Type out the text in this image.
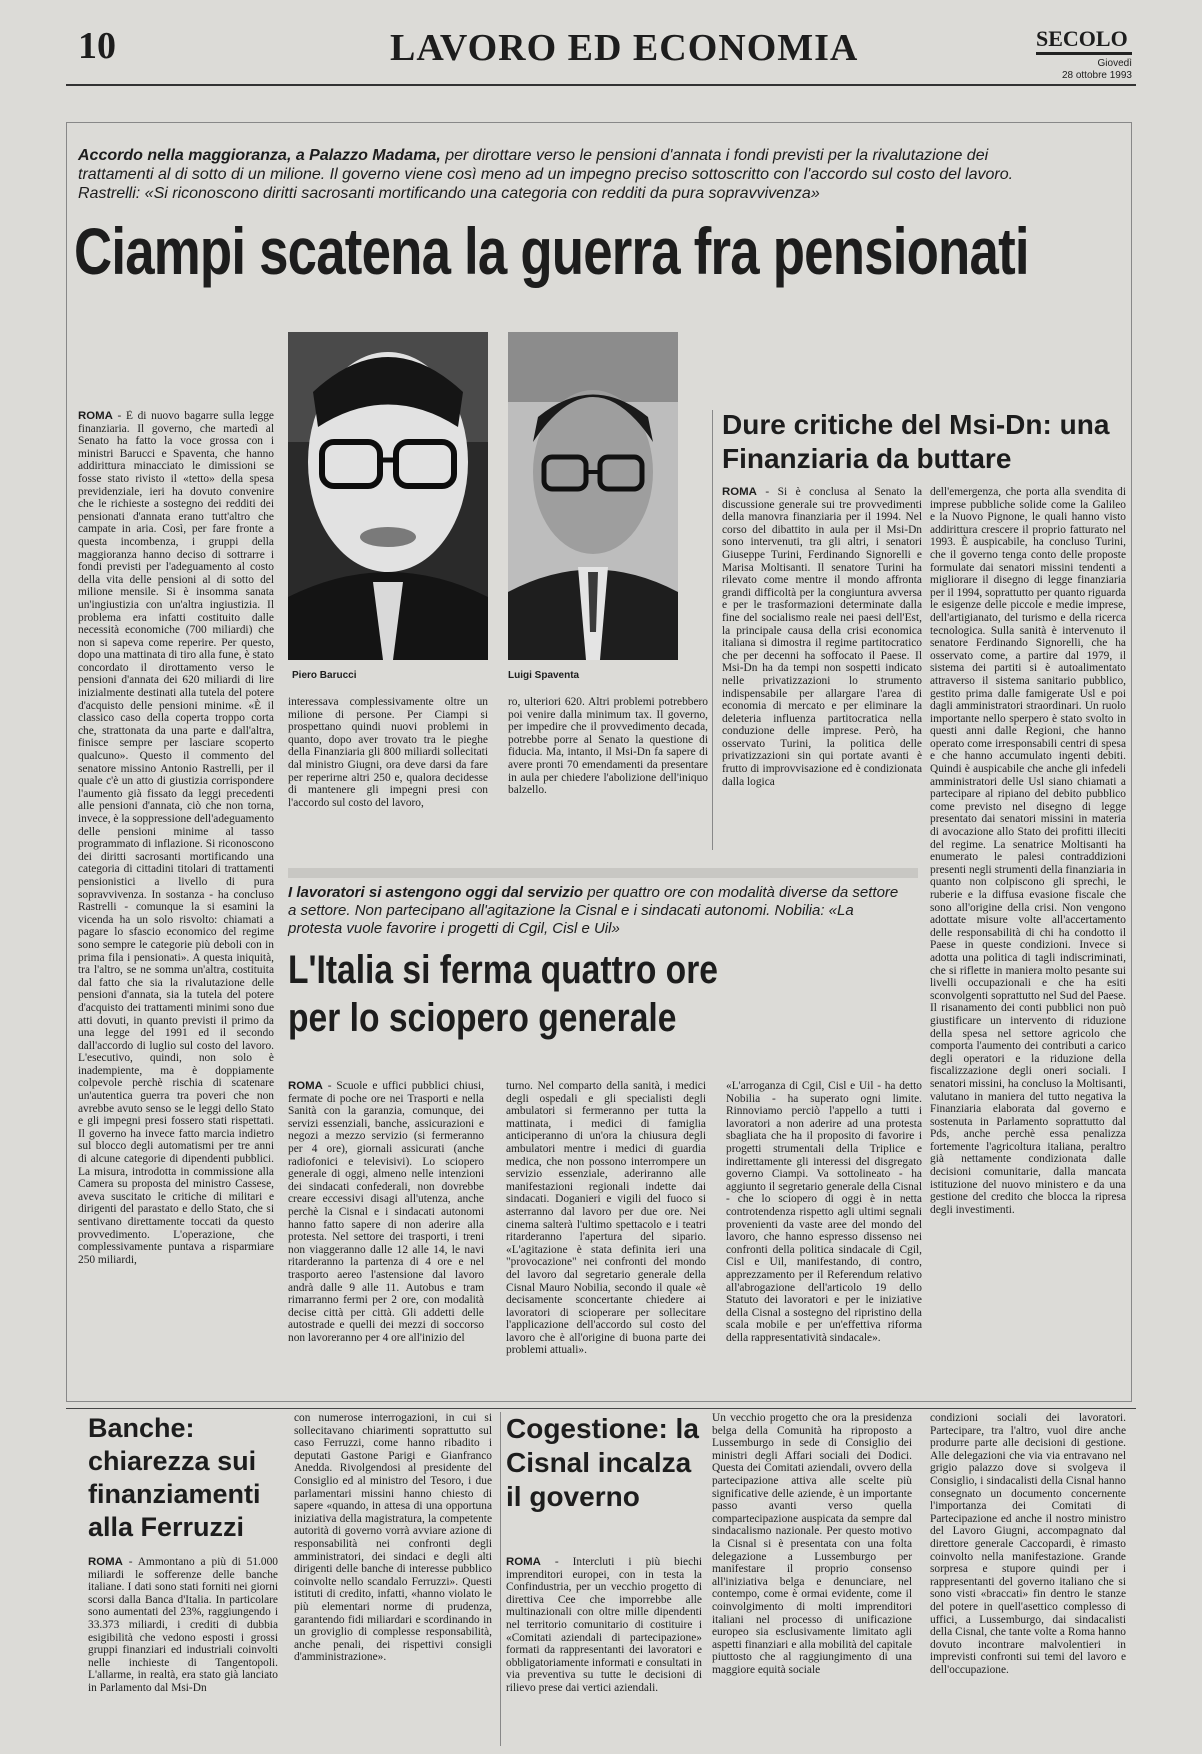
10	LAVORO ED ECONOMIA	SECOLO
Giovedì
28 ottobre 1993
Accordo nella maggioranza, a Palazzo Madama, per dirottare verso le pensioni d'annata i fondi previsti per la rivalutazione dei trattamenti al di sotto di un milione. Il governo viene così meno ad un impegno preciso sottoscritto con l'accordo sul costo del lavoro. Rastrelli: «Si riconoscono diritti sacrosanti mortificando una categoria con redditi da pura sopravvivenza»
Ciampi scatena la guerra fra pensionati
ROMA - È di nuovo bagarre sulla legge finanziaria. Il governo, che martedì al Senato ha fatto la voce grossa con i ministri Barucci e Spaventa, che hanno addirittura minacciato le dimissioni se fosse stato rivisto il «tetto» della spesa previdenziale, ieri ha dovuto convenire che le richieste a sostegno dei redditi dei pensionati d'annata erano tutt'altro che campate in aria. Così, per fare fronte a questa incombenza, i gruppi della maggioranza hanno deciso di sottrarre i fondi previsti per l'adeguamento al costo della vita delle pensioni al di sotto del milione mensile. Si è insomma sanata un'ingiustizia con un'altra ingiustizia. Il problema era infatti costituito dalle necessità economiche (700 miliardi) che non si sapeva come reperire. Per questo, dopo una mattinata di tiro alla fune, è stato concordato il dirottamento verso le pensioni d'annata dei 620 miliardi di lire inizialmente destinati alla tutela del potere d'acquisto delle pensioni minime. «È il classico caso della coperta troppo corta che, strattonata da una parte e dall'altra, finisce sempre per lasciare scoperto qualcuno». Questo il commento del senatore missino Antonio Rastrelli, per il quale c'è un atto di giustizia corrispondere l'aumento già fissato da leggi precedenti alle pensioni d'annata, ciò che non torna, invece, è la soppressione dell'adeguamento delle pensioni minime al tasso programmato di inflazione. Si riconoscono dei diritti sacrosanti mortificando una categoria di cittadini titolari di trattamenti pensionistici a livello di pura sopravvivenza. In sostanza - ha concluso Rastrelli - comunque la si esamini la vicenda ha un solo risvolto: chiamati a pagare lo sfascio economico del regime sono sempre le categorie più deboli con in prima fila i pensionati». A questa iniquità, tra l'altro, se ne somma un'altra, costituita dal fatto che sia la rivalutazione delle pensioni d'annata, sia la tutela del potere d'acquisto dei trattamenti minimi sono due atti dovuti, in quanto previsti il primo da una legge del 1991 ed il secondo dall'accordo di luglio sul costo del lavoro. L'esecutivo, quindi, non solo è inadempiente, ma è doppiamente colpevole perchè rischia di scatenare un'autentica guerra tra poveri che non avrebbe avuto senso se le leggi dello Stato e gli impegni presi fossero stati rispettati. Il governo ha invece fatto marcia indietro sul blocco degli automatismi per tre anni di alcune categorie di dipendenti pubblici. La misura, introdotta in commissione alla Camera su proposta del ministro Cassese, aveva suscitato le critiche di militari e dirigenti del parastato e dello Stato, che si sentivano direttamente toccati da questo provvedimento. L'operazione, che complessivamente puntava a risparmiare 250 miliardi,
Piero Barucci	Luigi Spaventa
interessava complessivamente oltre un milione di persone. Per Ciampi si prospettano quindi nuovi problemi in quanto, dopo aver trovato tra le pieghe della Finanziaria gli 800 miliardi sollecitati dal ministro Giugni, ora deve darsi da fare per reperirne altri 250 e, qualora decidesse di mantenere gli impegni presi con l'accordo sul costo del lavoro,
ro, ulteriori 620. Altri problemi potrebbero poi venire dalla minimum tax. Il governo, per impedire che il provvedimento decada, potrebbe porre al Senato la questione di fiducia. Ma, intanto, il Msi-Dn fa sapere di avere pronti 70 emendamenti da presentare in aula per chiedere l'abolizione dell'iniquo balzello.
Dure critiche del Msi-Dn: una Finanziaria da buttare
ROMA - Si è conclusa al Senato la discussione generale sui tre provvedimenti della manovra finanziaria per il 1994. Nel corso del dibattito in aula per il Msi-Dn sono intervenuti, tra gli altri, i senatori Giuseppe Turini, Ferdinando Signorelli e Marisa Moltisanti. Il senatore Turini ha rilevato come mentre il mondo affronta grandi difficoltà per la congiuntura avversa e per le trasformazioni determinate dalla fine del socialismo reale nei paesi dell'Est, la principale causa della crisi economica italiana si dimostra il regime partitocratico che per decenni ha soffocato il Paese. Il Msi-Dn ha da tempi non sospetti indicato nelle privatizzazioni lo strumento indispensabile per allargare l'area di economia di mercato e per eliminare la deleteria influenza partitocratica nella conduzione delle imprese. Però, ha osservato Turini, la politica delle privatizzazioni sin qui portate avanti è frutto di improvvisazione ed è condizionata dalla logica
dell'emergenza, che porta alla svendita di imprese pubbliche solide come la Galileo e la Nuovo Pignone, le quali hanno visto addirittura crescere il proprio fatturato nel 1993. È auspicabile, ha concluso Turini, che il governo tenga conto delle proposte formulate dai senatori missini tendenti a migliorare il disegno di legge finanziaria per il 1994, soprattutto per quanto riguarda le esigenze delle piccole e medie imprese, dell'artigianato, del turismo e della ricerca tecnologica. Sulla sanità è intervenuto il senatore Ferdinando Signorelli, che ha osservato come, a partire dal 1979, il sistema dei partiti si è autoalimentato attraverso il sistema sanitario pubblico, gestito prima dalle famigerate Usl e poi dagli amministratori straordinari. Un ruolo importante nello sperpero è stato svolto in questi anni dalle Regioni, che hanno operato come irresponsabili centri di spesa e che hanno accumulato ingenti debiti. Quindi è auspicabile che anche gli infedeli amministratori delle Usl siano chiamati a partecipare al ripiano del debito pubblico come previsto nel disegno di legge presentato dai senatori missini in materia di avocazione allo Stato dei profitti illeciti del regime. La senatrice Moltisanti ha enumerato le palesi contraddizioni presenti negli strumenti della finanziaria in quanto non colpiscono gli sprechi, le ruberie e la diffusa evasione fiscale che sono all'origine della crisi. Non vengono adottate misure volte all'accertamento delle responsabilità di chi ha condotto il Paese in queste condizioni. Invece si adotta una politica di tagli indiscriminati, che si riflette in maniera molto pesante sui livelli occupazionali e che ha esiti sconvolgenti soprattutto nel Sud del Paese. Il risanamento dei conti pubblici non può giustificare un intervento di riduzione della spesa nel settore agricolo che comporta l'aumento dei contributi a carico degli operatori e la riduzione della fiscalizzazione degli oneri sociali. I senatori missini, ha concluso la Moltisanti, valutano in maniera del tutto negativa la Finanziaria elaborata dal governo e sostenuta in Parlamento soprattutto dal Pds, anche perchè essa penalizza fortemente l'agricoltura italiana, peraltro già nettamente condizionata dalle decisioni comunitarie, dalla mancata istituzione del nuovo ministero e da una gestione del credito che blocca la ripresa degli investimenti.
I lavoratori si astengono oggi dal servizio per quattro ore con modalità diverse da settore a settore. Non partecipano all'agitazione la Cisnal e i sindacati autonomi. Nobilia: «La protesta vuole favorire i progetti di Cgil, Cisl e Uil»
L'Italia si ferma quattro ore per lo sciopero generale
ROMA - Scuole e uffici pubblici chiusi, fermate di poche ore nei Trasporti e nella Sanità con la garanzia, comunque, dei servizi essenziali, banche, assicurazioni e negozi a mezzo servizio (si fermeranno per 4 ore), giornali assicurati (anche radiofonici e televisivi). Lo sciopero generale di oggi, almeno nelle intenzioni dei sindacati confederali, non dovrebbe creare eccessivi disagi all'utenza, anche perchè la Cisnal e i sindacati autonomi hanno fatto sapere di non aderire alla protesta. Nel settore dei trasporti, i treni non viaggeranno dalle 12 alle 14, le navi ritarderanno la partenza di 4 ore e nel trasporto aereo l'astensione dal lavoro andrà dalle 9 alle 11. Autobus e tram rimarranno fermi per 2 ore, con modalità decise città per città. Gli addetti delle autostrade e quelli dei mezzi di soccorso non lavoreranno per 4 ore all'inizio del
turno. Nel comparto della sanità, i medici degli ospedali e gli specialisti degli ambulatori si fermeranno per tutta la mattinata, i medici di famiglia anticiperanno di un'ora la chiusura degli ambulatori mentre i medici di guardia medica, che non possono interrompere un servizio essenziale, aderiranno alle manifestazioni regionali indette dai sindacati. Doganieri e vigili del fuoco si asterranno dal lavoro per due ore. Nei cinema salterà l'ultimo spettacolo e i teatri ritarderanno l'apertura del sipario. «L'agitazione è stata definita ieri una "provocazione" nei confronti del mondo del lavoro dal segretario generale della Cisnal Mauro Nobilia, secondo il quale «è decisamente sconcertante chiedere ai lavoratori di scioperare per sollecitare l'applicazione dell'accordo sul costo del lavoro che è all'origine di buona parte dei problemi attuali».
«L'arroganza di Cgil, Cisl e Uil - ha detto Nobilia - ha superato ogni limite. Rinnoviamo perciò l'appello a tutti i lavoratori a non aderire ad una protesta sbagliata che ha il proposito di favorire i progetti strumentali della Triplice e indirettamente gli interessi del disgregato governo Ciampi. Va sottolineato - ha aggiunto il segretario generale della Cisnal - che lo sciopero di oggi è in netta controtendenza rispetto agli ultimi segnali provenienti da vaste aree del mondo del lavoro, che hanno espresso dissenso nei confronti della politica sindacale di Cgil, Cisl e Uil, manifestando, di contro, apprezzamento per il Referendum relativo all'abrogazione dell'articolo 19 dello Statuto dei lavoratori e per le iniziative della Cisnal a sostegno del ripristino della scala mobile e per un'effettiva riforma della rappresentatività sindacale».
Banche: chiarezza sui finanziamenti alla Ferruzzi
ROMA - Ammontano a più di 51.000 miliardi le sofferenze delle banche italiane. I dati sono stati forniti nei giorni scorsi dalla Banca d'Italia. In particolare sono aumentati del 23%, raggiungendo i 33.373 miliardi, i crediti di dubbia esigibilità che vedono esposti i grossi gruppi finanziari ed industriali coinvolti nelle inchieste di Tangentopoli. L'allarme, in realtà, era stato già lanciato in Parlamento dal Msi-Dn
con numerose interrogazioni, in cui si sollecitavano chiarimenti soprattutto sul caso Ferruzzi, come hanno ribadito i deputati Gastone Parigi e Gianfranco Anedda. Rivolgendosi al presidente del Consiglio ed al ministro del Tesoro, i due parlamentari missini hanno chiesto di sapere «quando, in attesa di una opportuna iniziativa della magistratura, la competente autorità di governo vorrà avviare azione di responsabilità nei confronti degli amministratori, dei sindaci e degli alti dirigenti delle banche di interesse pubblico coinvolte nello scandalo Ferruzzi». Questi istituti di credito, infatti, «hanno violato le più elementari norme di prudenza, garantendo fidi miliardari e scordinando in un groviglio di complesse responsabilità, anche penali, dei rispettivi consigli d'amministrazione».
Cogestione: la Cisnal incalza il governo
ROMA - Intercluti i più biechi imprenditori europei, con in testa la Confindustria, per un vecchio progetto di direttiva Cee che imporrebbe alle multinazionali con oltre mille dipendenti nel territorio comunitario di costituire i «Comitati aziendali di partecipazione» formati da rappresentanti dei lavoratori e obbligatoriamente informati e consultati in via preventiva su tutte le decisioni di rilievo prese dai vertici aziendali.
Un vecchio progetto che ora la presidenza belga della Comunità ha riproposto a Lussemburgo in sede di Consiglio dei ministri degli Affari sociali dei Dodici. Questa dei Comitati aziendali, ovvero della partecipazione attiva alle scelte più significative delle aziende, è un importante passo avanti verso quella compartecipazione auspicata da sempre dal sindacalismo nazionale. Per questo motivo la Cisnal si è presentata con una folta delegazione a Lussemburgo per manifestare il proprio consenso all'iniziativa belga e denunciare, nel contempo, come è ormai evidente, come il coinvolgimento di molti imprenditori italiani nel processo di unificazione europeo sia esclusivamente limitato agli aspetti finanziari e alla mobilità del capitale piuttosto che al raggiungimento di una maggiore equità sociale
condizioni sociali dei lavoratori. Partecipare, tra l'altro, vuol dire anche produrre parte alle decisioni di gestione. Alle delegazioni che via via entravano nel grigio palazzo dove si svolgeva il Consiglio, i sindacalisti della Cisnal hanno consegnato un documento concernente l'importanza dei Comitati di Partecipazione ed anche il nostro ministro del Lavoro Giugni, accompagnato dal direttore generale Caccopardi, è rimasto coinvolto nella manifestazione. Grande sorpresa e stupore quindi per i rappresentanti del governo italiano che si sono visti «braccati» fin dentro le stanze del potere in quell'asettico complesso di uffici, a Lussemburgo, dai sindacalisti della Cisnal, che tante volte a Roma hanno dovuto incontrare malvolentieri in imprevisti confronti sui temi del lavoro e dell'occupazione.
